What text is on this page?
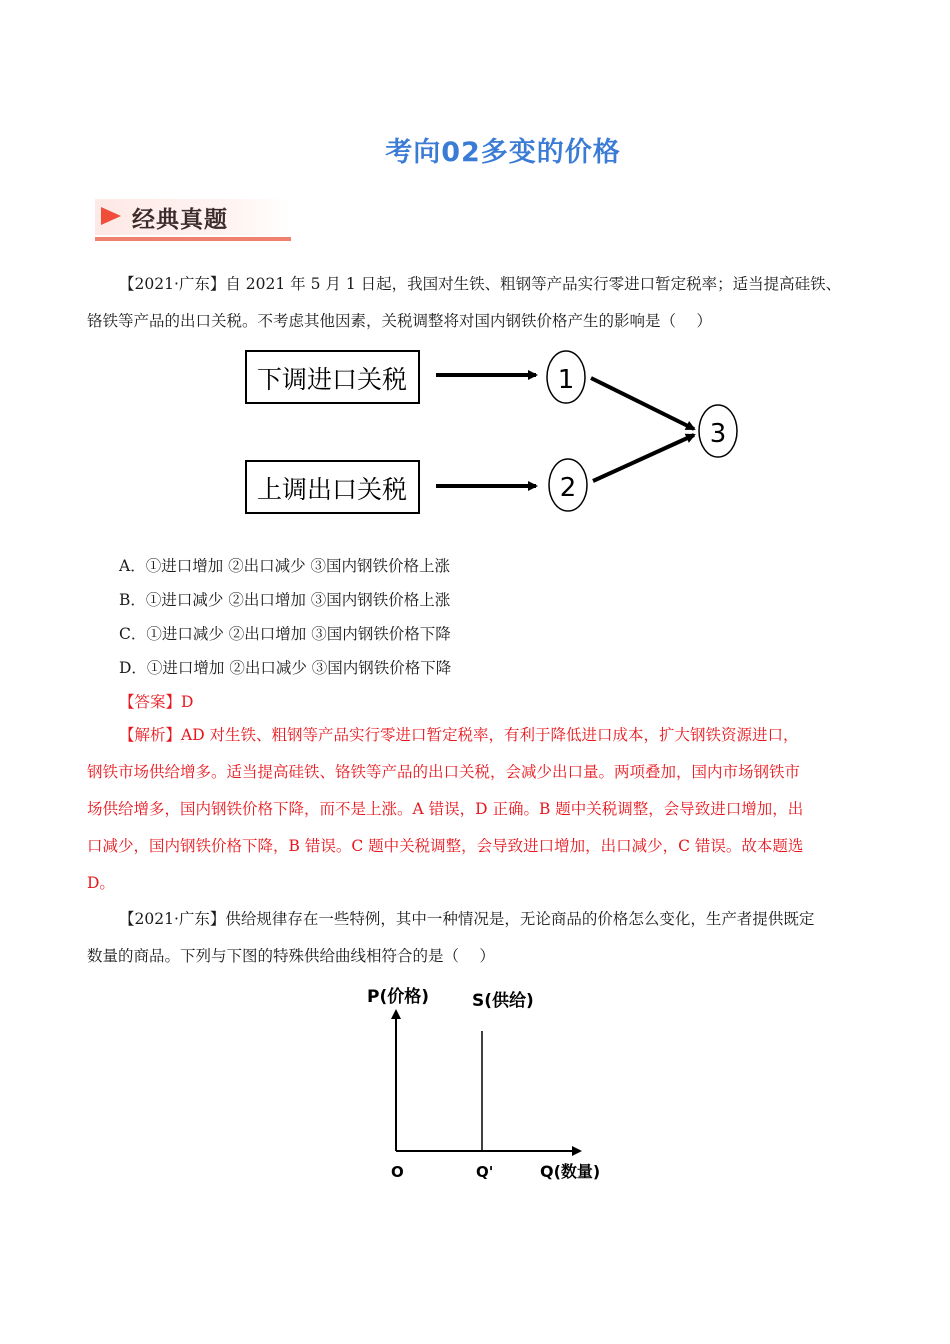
考向02多变的价格
经典真题
【2021·广东】自 2021 年 5 月 1 日起，我国对生铁、粗钢等产品实行零进口暂定税率；适当提高硅铁、
铬铁等产品的出口关税。不考虑其他因素，关税调整将对国内钢铁价格产生的影响是（　 ）
下调进口关税
上调出口关税
1
2
3
A．①进口增加 ②出口减少 ③国内钢铁价格上涨
B．①进口减少 ②出口增加 ③国内钢铁价格上涨
C．①进口减少 ②出口增加 ③国内钢铁价格下降
D．①进口增加 ②出口减少 ③国内钢铁价格下降
【答案】D
【解析】AD 对生铁、粗钢等产品实行零进口暂定税率，有利于降低进口成本，扩大钢铁资源进口，
钢铁市场供给增多。适当提高硅铁、铬铁等产品的出口关税，会减少出口量。两项叠加，国内市场钢铁市
场供给增多，国内钢铁价格下降，而不是上涨。A 错误，D 正确。B 题中关税调整，会导致进口增加，出
口减少，国内钢铁价格下降，B 错误。C 题中关税调整，会导致进口增加，出口减少，C 错误。故本题选
D。
【2021·广东】供给规律存在一些特例，其中一种情况是，无论商品的价格怎么变化，生产者提供既定
数量的商品。下列与下图的特殊供给曲线相符合的是（　 ）
P(价格)	S(供给)
O	Q'	Q(数量)
